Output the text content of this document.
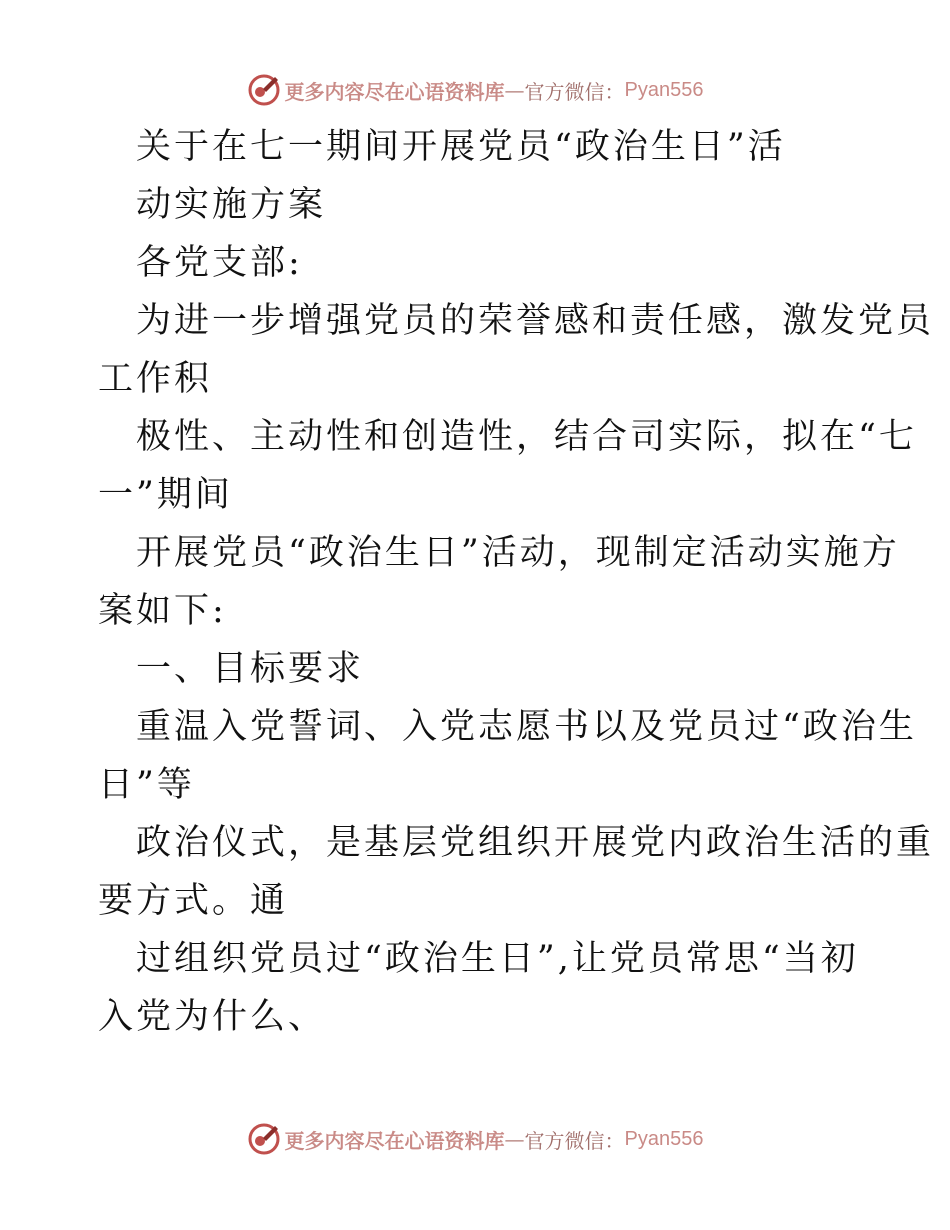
更多内容尽在心语资料库 — 官方微信： Pyan556
关于在七一期间开展党员“政治生日”活
动实施方案
各党支部:
为进一步增强党员的荣誉感和责任感，激发党员
工作积
极性、主动性和创造性，结合司实际，拟在“七
一”期间
开展党员“政治生日”活动，现制定活动实施方
案如下:
一、目标要求
重温入党誓词、入党志愿书以及党员过“政治生
日”等
政治仪式，是基层党组织开展党内政治生活的重
要方式。通
过组织党员过“政治生日”,让党员常思“当初
入党为什么、
更多内容尽在心语资料库 — 官方微信： Pyan556
